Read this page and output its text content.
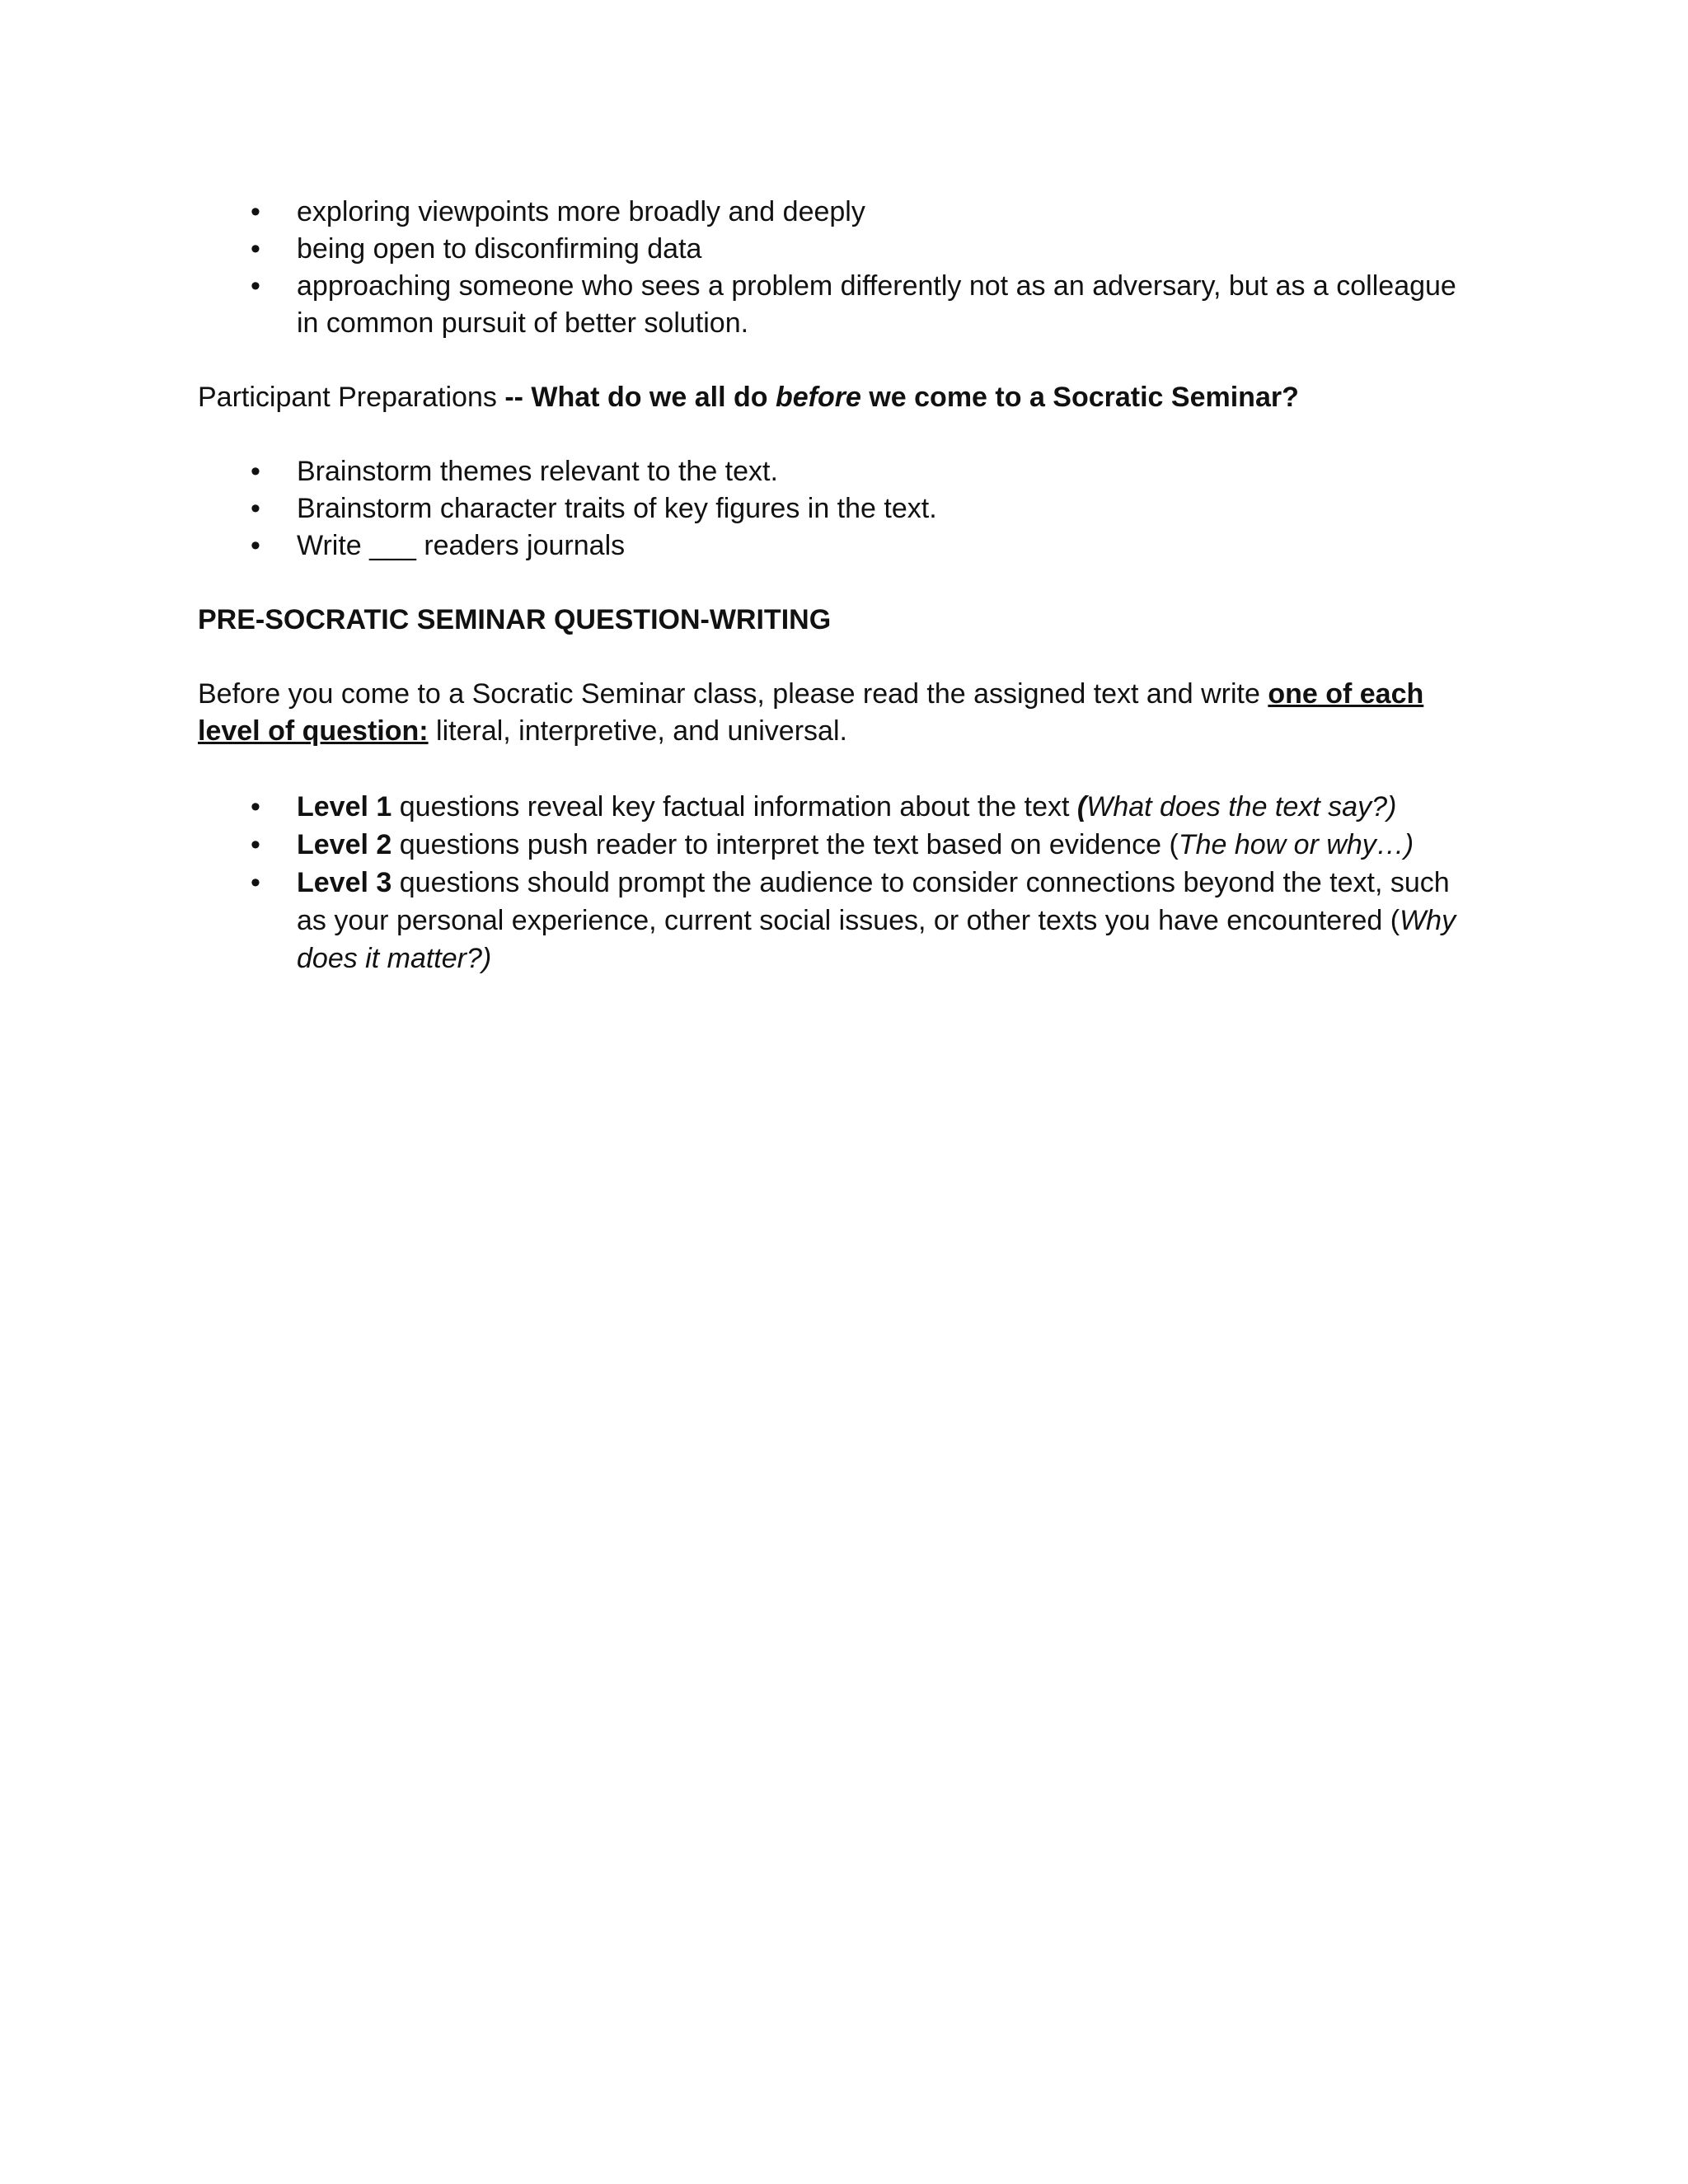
• exploring viewpoints more broadly and deeply
• being open to disconfirming data
• approaching someone who sees a problem differently not as an adversary, but as a colleague in common pursuit of better solution.

Participant Preparations -- What do we all do before we come to a Socratic Seminar?

• Brainstorm themes relevant to the text.
• Brainstorm character traits of key figures in the text.
• Write ___ readers journals

PRE-SOCRATIC SEMINAR QUESTION-WRITING

Before you come to a Socratic Seminar class, please read the assigned text and write one of each level of question: literal, interpretive, and universal.

• Level 1 questions reveal key factual information about the text (What does the text say?)
• Level 2 questions push reader to interpret the text based on evidence (The how or why…)
• Level 3 questions should prompt the audience to consider connections beyond the text, such as your personal experience, current social issues, or other texts you have encountered (Why does it matter?)
